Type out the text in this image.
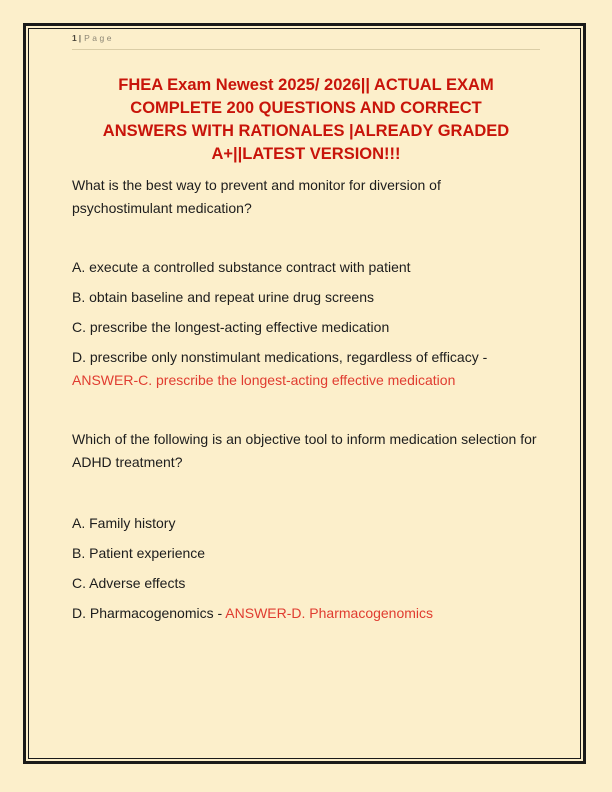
1 | Page
FHEA Exam Newest 2025/ 2026|| ACTUAL EXAM
COMPLETE 200 QUESTIONS AND CORRECT
ANSWERS WITH RATIONALES |ALREADY GRADED
A+||LATEST VERSION!!!
What is the best way to prevent and monitor for diversion of psychostimulant medication?
A. execute a controlled substance contract with patient
B. obtain baseline and repeat urine drug screens
C. prescribe the longest-acting effective medication
D. prescribe only nonstimulant medications, regardless of efficacy - ANSWER-C. prescribe the longest-acting effective medication
Which of the following is an objective tool to inform medication selection for ADHD treatment?
A. Family history
B. Patient experience
C. Adverse effects
D. Pharmacogenomics - ANSWER-D. Pharmacogenomics
